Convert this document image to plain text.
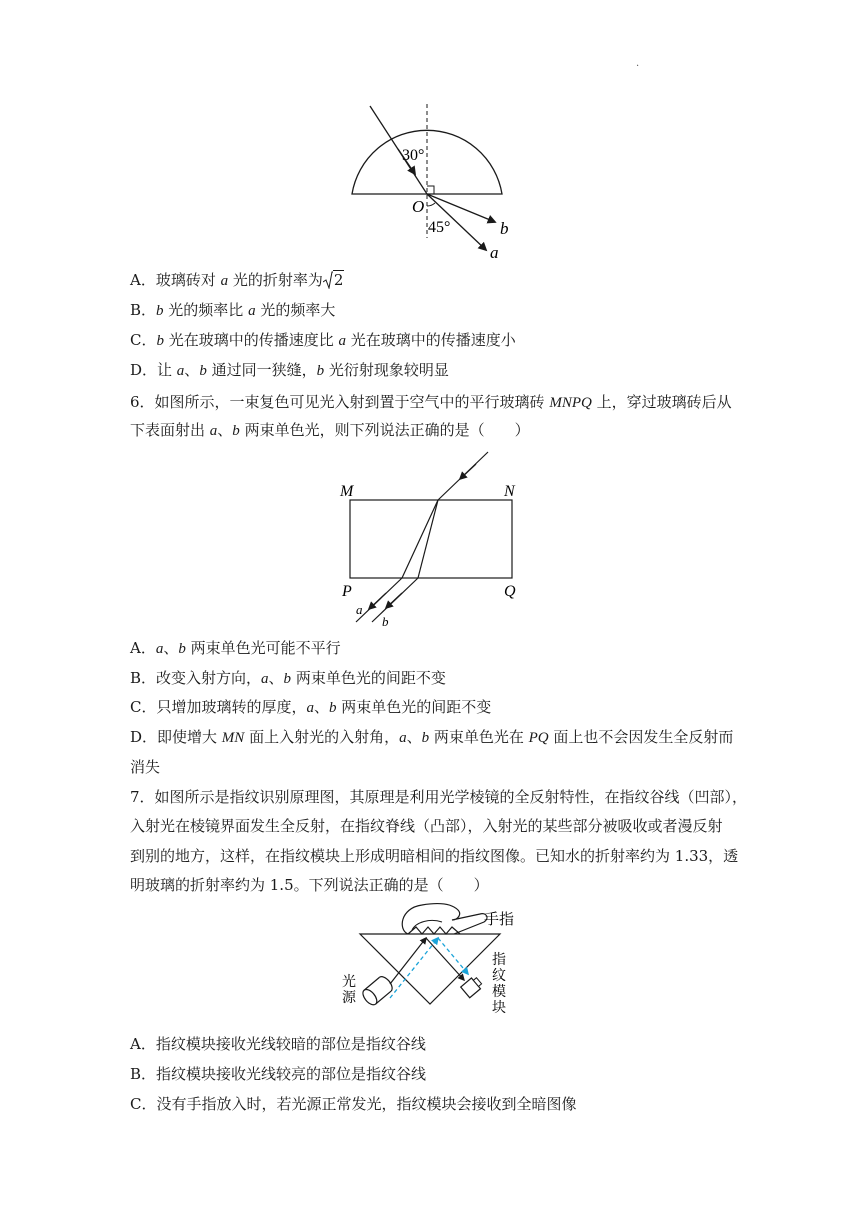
.
30°
45°
O
b
a
A．玻璃砖对 a 光的折射率为 2
B．b 光的频率比 a 光的频率大
C．b 光在玻璃中的传播速度比 a 光在玻璃中的传播速度小
D．让 a、b 通过同一狭缝，b 光衍射现象较明显
6．如图所示，一束复色可见光入射到置于空气中的平行玻璃砖 MNPQ 上，穿过玻璃砖后从
下表面射出 a、b 两束单色光，则下列说法正确的是（　　）
M	N
P	Q
a
b
A．a、b 两束单色光可能不平行
B．改变入射方向，a、b 两束单色光的间距不变
C．只增加玻璃转的厚度，a、b 两束单色光的间距不变
D．即使增大 MN 面上入射光的入射角，a、b 两束单色光在 PQ 面上也不会因发生全反射而
消失
7．如图所示是指纹识别原理图，其原理是利用光学棱镜的全反射特性，在指纹谷线（凹部），
入射光在棱镜界面发生全反射，在指纹脊线（凸部），入射光的某些部分被吸收或者漫反射
到别的地方，这样，在指纹模块上形成明暗相间的指纹图像。已知水的折射率约为 1.33，透
明玻璃的折射率约为 1.5。下列说法正确的是（　　）
手指
指
纹
模
块
光
源
A．指纹模块接收光线较暗的部位是指纹谷线
B．指纹模块接收光线较亮的部位是指纹谷线
C．没有手指放入时，若光源正常发光，指纹模块会接收到全暗图像
